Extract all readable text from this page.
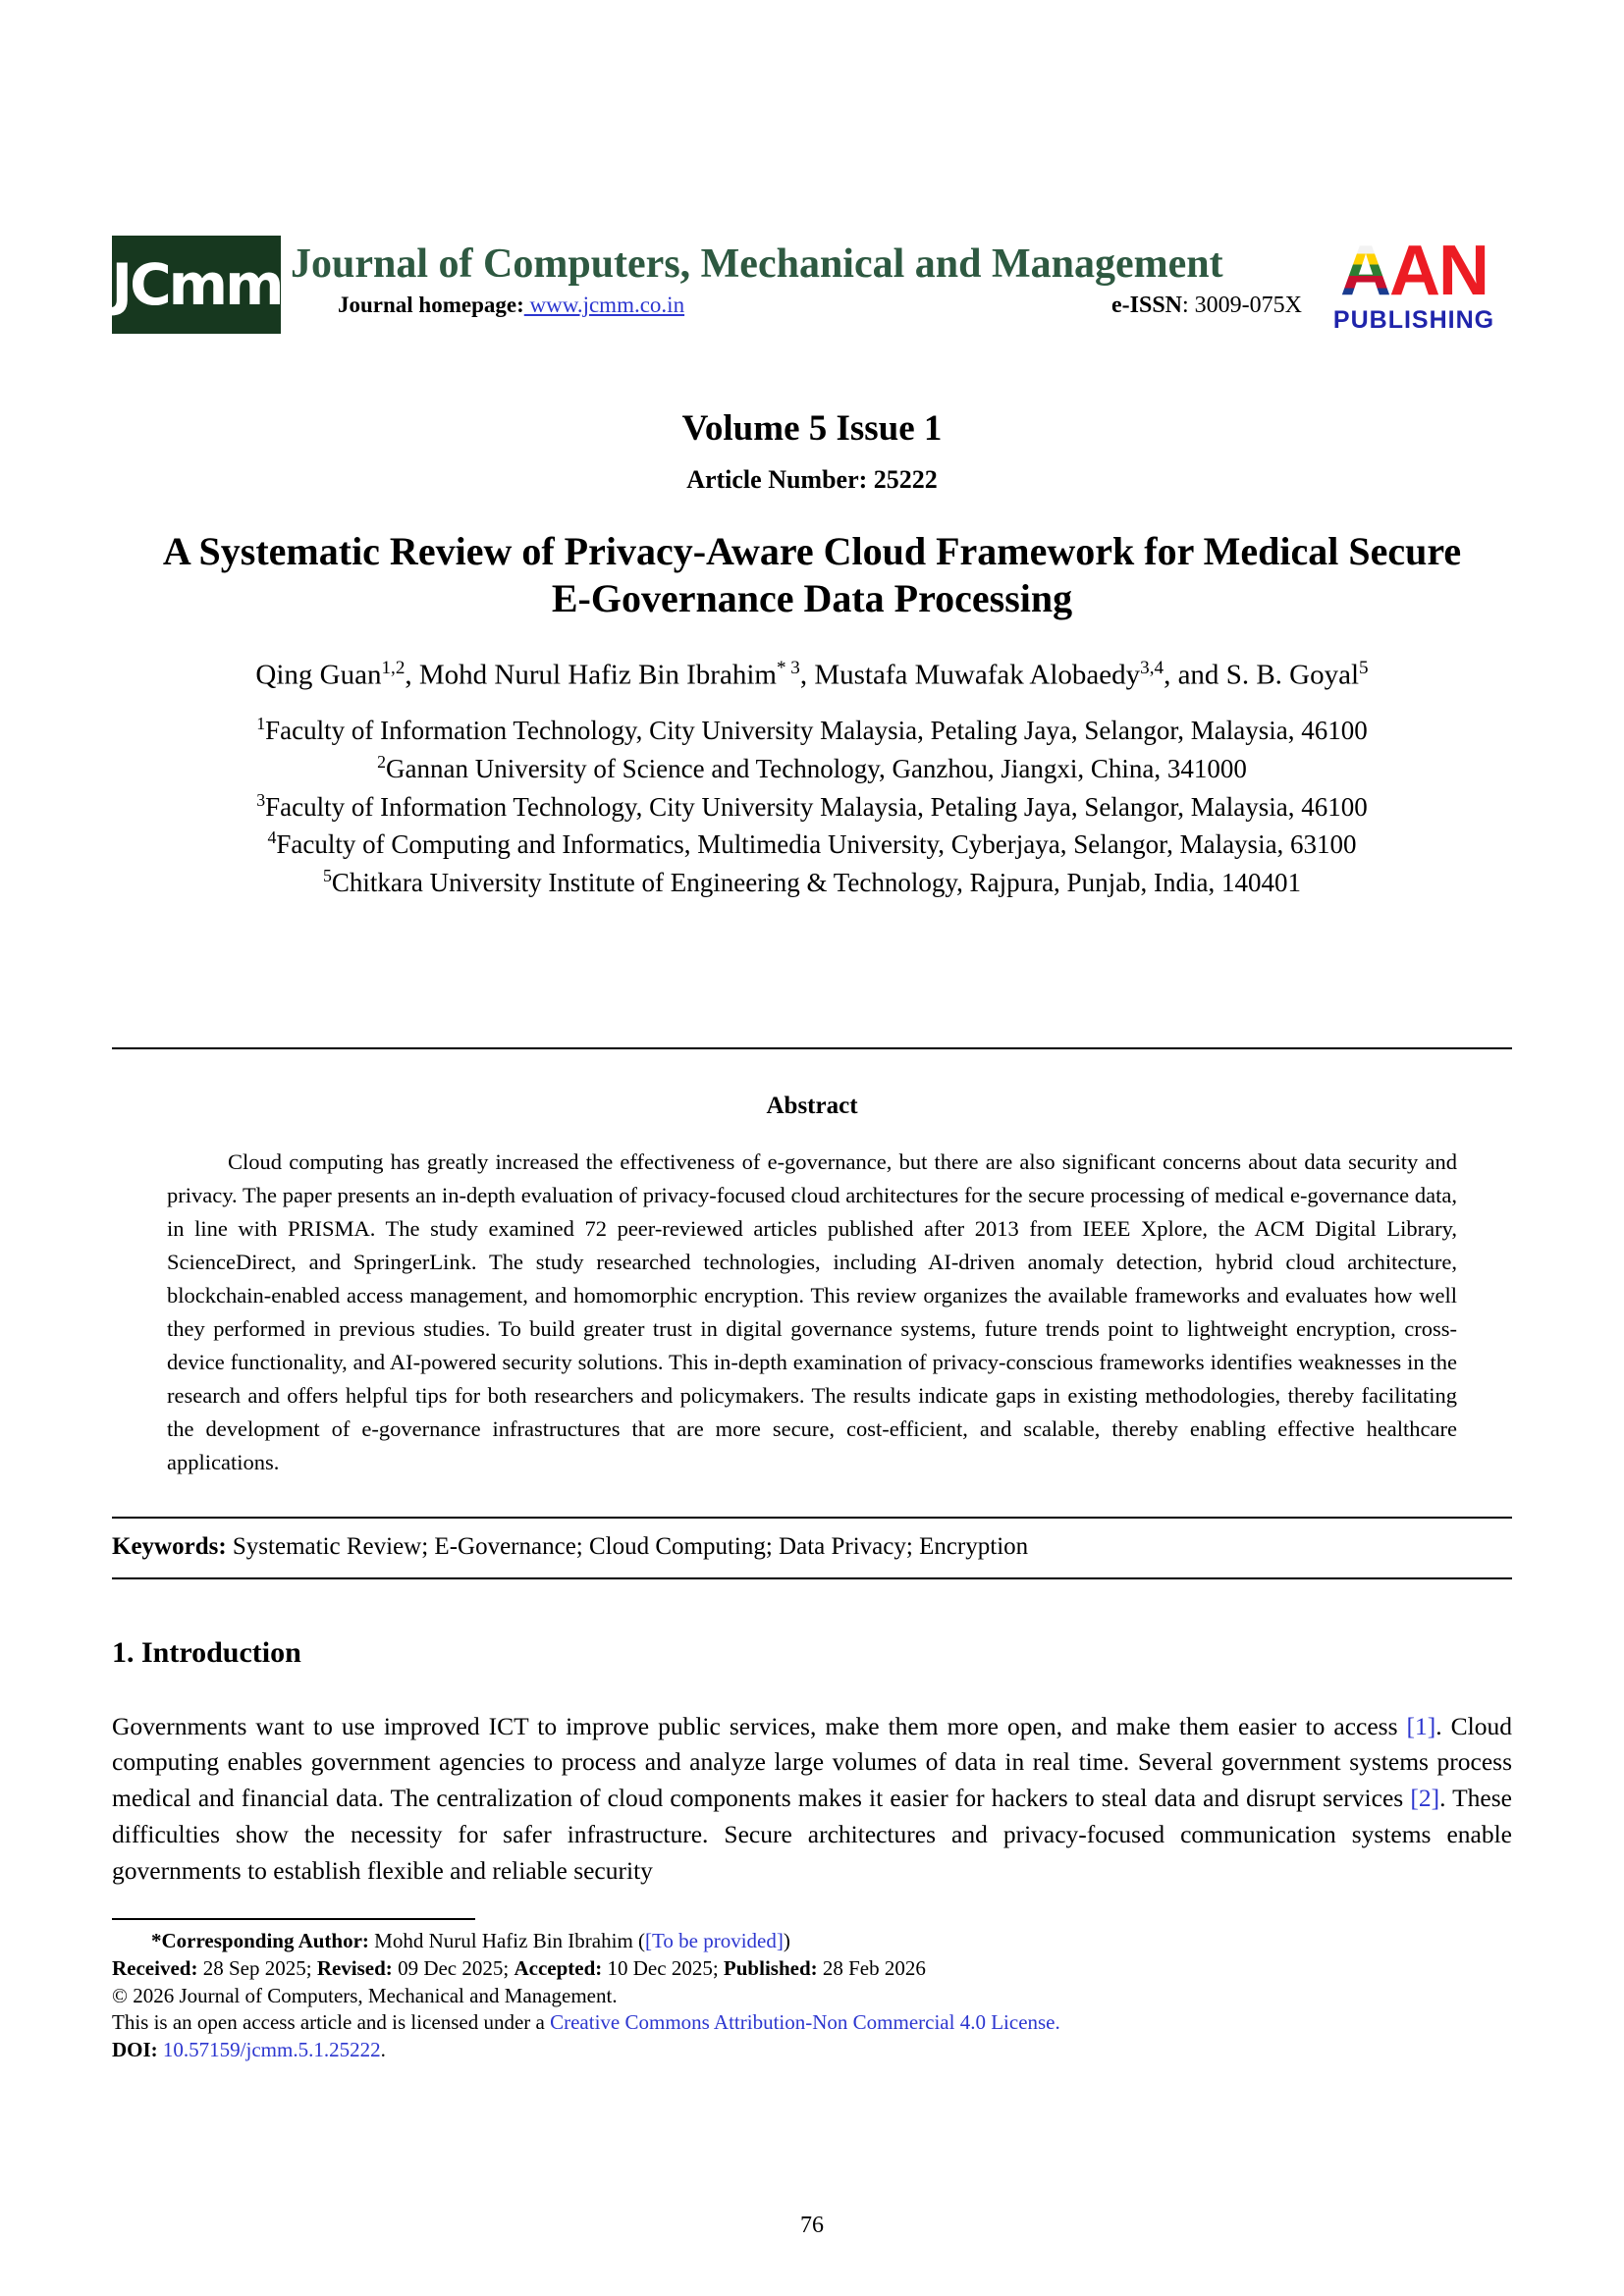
JCmm Journal of Computers, Mechanical and Management
Journal homepage: www.jcmm.co.in	e-ISSN: 3009-075X AAN
PUBLISHING
Volume 5 Issue 1
Article Number: 25222
A Systematic Review of Privacy-Aware Cloud Framework for Medical Secure E-Governance Data Processing
Qing Guan$^{1,2}$, Mohd Nurul Hafiz Bin Ibrahim$^{* 3}$, Mustafa Muwafak Alobaedy$^{3,4}$, and S. B. Goyal$^5$
$^1$Faculty of Information Technology, City University Malaysia, Petaling Jaya, Selangor, Malaysia, 46100
$^2$Gannan University of Science and Technology, Ganzhou, Jiangxi, China, 341000
$^3$Faculty of Information Technology, City University Malaysia, Petaling Jaya, Selangor, Malaysia, 46100
$^4$Faculty of Computing and Informatics, Multimedia University, Cyberjaya, Selangor, Malaysia, 63100
$^5$Chitkara University Institute of Engineering & Technology, Rajpura, Punjab, India, 140401
Abstract
Cloud computing has greatly increased the effectiveness of e-governance, but there are also significant concerns about data security and privacy. The paper presents an in-depth evaluation of privacy-focused cloud architectures for the secure processing of medical e-governance data, in line with PRISMA. The study examined 72 peer-reviewed articles published after 2013 from IEEE Xplore, the ACM Digital Library, ScienceDirect, and SpringerLink. The study researched technologies, including AI-driven anomaly detection, hybrid cloud architecture, blockchain-enabled access management, and homomorphic encryption. This review organizes the available frameworks and evaluates how well they performed in previous studies. To build greater trust in digital governance systems, future trends point to lightweight encryption, cross-device functionality, and AI-powered security solutions. This in-depth examination of privacy-conscious frameworks identifies weaknesses in the research and offers helpful tips for both researchers and policymakers. The results indicate gaps in existing methodologies, thereby facilitating the development of e-governance infrastructures that are more secure, cost-efficient, and scalable, thereby enabling effective healthcare applications.
Keywords: Systematic Review; E-Governance; Cloud Computing; Data Privacy; Encryption
1. Introduction
Governments want to use improved ICT to improve public services, make them more open, and make them easier to access [1]. Cloud computing enables government agencies to process and analyze large volumes of data in real time. Several government systems process medical and financial data. The centralization of cloud components makes it easier for hackers to steal data and disrupt services [2]. These difficulties show the necessity for safer infrastructure. Secure architectures and privacy-focused communication systems enable governments to establish flexible and reliable security
*Corresponding Author: Mohd Nurul Hafiz Bin Ibrahim ([To be provided])
Received: 28 Sep 2025; Revised: 09 Dec 2025; Accepted: 10 Dec 2025; Published: 28 Feb 2026
© 2026 Journal of Computers, Mechanical and Management.
This is an open access article and is licensed under a Creative Commons Attribution-Non Commercial 4.0 License.
DOI: 10.57159/jcmm.5.1.25222.
76
